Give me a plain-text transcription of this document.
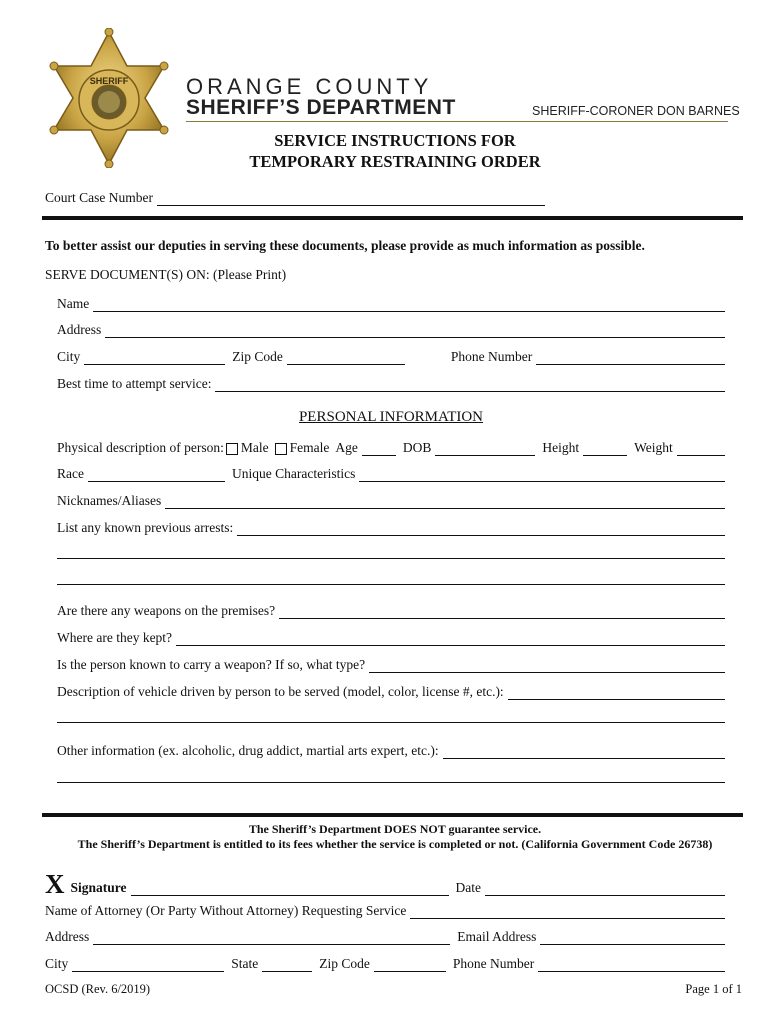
SHERIFF	ORANGE COUNTY
SHERIFF’S DEPARTMENT	SHERIFF-CORONER DON BARNES
SERVICE INSTRUCTIONS FOR
TEMPORARY RESTRAINING ORDER
Court Case Number
To better assist our deputies in serving these documents, please provide as much information as possible.
SERVE DOCUMENT(S) ON: (Please Print)
Name
Address
City	Zip Code	Phone Number
Best time to attempt service:
PERSONAL INFORMATION
Physical description of person: Male Female Age	DOB	Height	Weight
Race	Unique Characteristics
Nicknames/Aliases
List any known previous arrests:
Are there any weapons on the premises?
Where are they kept?
Is the person known to carry a weapon? If so, what type?
Description of vehicle driven by person to be served (model, color, license #, etc.):
Other information (ex. alcoholic, drug addict, martial arts expert, etc.):
The Sheriff’s Department DOES NOT guarantee service.
The Sheriff’s Department is entitled to its fees whether the service is completed or not. (California Government Code 26738)
X Signature	Date
Name of Attorney (Or Party Without Attorney) Requesting Service
Address	Email Address
City	State	Zip Code	Phone Number
OCSD (Rev. 6/2019)	Page 1 of 1
